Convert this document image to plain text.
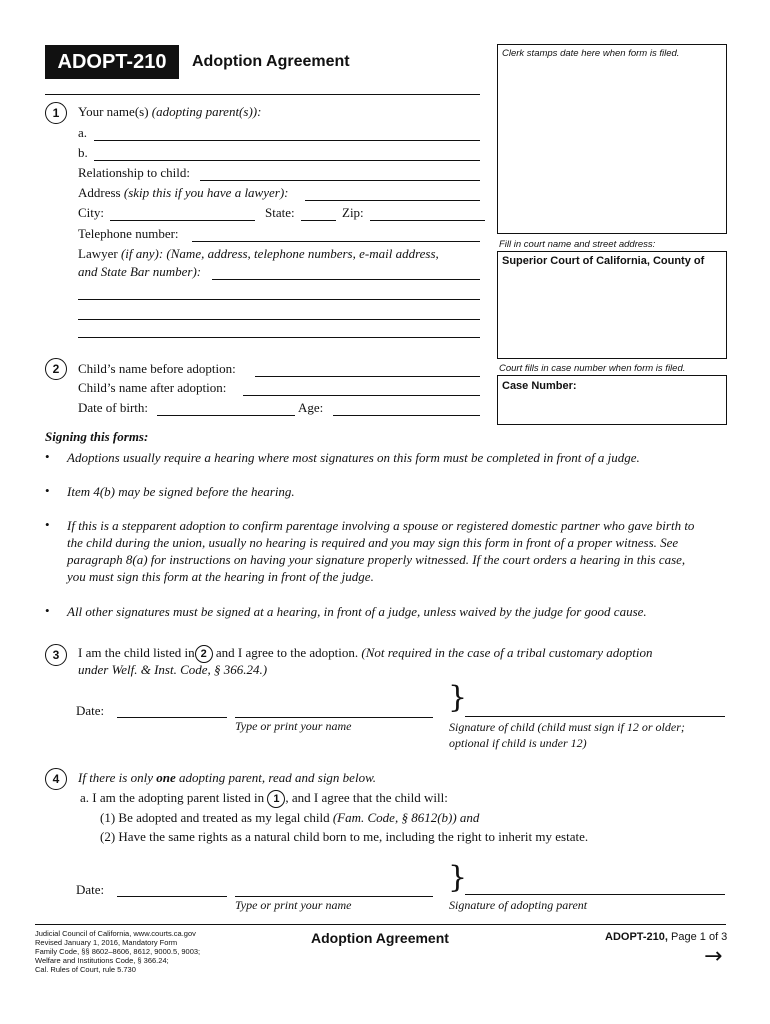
ADOPT-210	Adoption Agreement	Clerk stamps date here when form is filed.
Fill in court name and street address:
Superior Court of California, County of
Court fills in case number when form is filed.
Case Number:
1	Your name(s) (adopting parent(s)):
a.
b.
Relationship to child:
Address (skip this if you have a lawyer):
City:	State:	Zip:
Telephone number:
Lawyer (if any): (Name, address, telephone numbers, e-mail address,
and State Bar number):
2	Child’s name before adoption:
Child’s name after adoption:
Date of birth:	Age:
Signing this forms:
• Adoptions usually require a hearing where most signatures on this form must be completed in front of a judge.
• Item 4(b) may be signed before the hearing.
• If this is a stepparent adoption to confirm parentage involving a spouse or registered domestic partner who gave birth to the child during the union, usually no hearing is required and you may sign this form in front of a proper witness. See paragraph 8(a) for instructions on having your signature properly witnessed. If the court orders a hearing in this case, you must sign this form at the hearing in front of the judge.
• All other signatures must be signed at a hearing, in front of a judge, unless waived by the judge for good cause.
3	I am the child listed in 2 and I agree to the adoption. (Not required in the case of a tribal customary adoption
under Welf. & Inst. Code, § 366.24.)
Date:
Type or print your name
}
Signature of child (child must sign if 12 or older;
optional if child is under 12)
4	If there is only one adopting parent, read and sign below.
a. I am the adopting parent listed in 1 , and I agree that the child will:
(1) Be adopted and treated as my legal child (Fam. Code, § 8612(b)) and
(2) Have the same rights as a natural child born to me, including the right to inherit my estate.
Date:
Type or print your name
}
Signature of adopting parent
Judicial Council of California, www.courts.ca.gov
Revised January 1, 2016, Mandatory Form
Family Code, §§ 8602–8606, 8612, 9000.5, 9003;
Welfare and Institutions Code, § 366.24;
Cal. Rules of Court, rule 5.730
Adoption Agreement	ADOPT-210, Page 1 of 3
→
